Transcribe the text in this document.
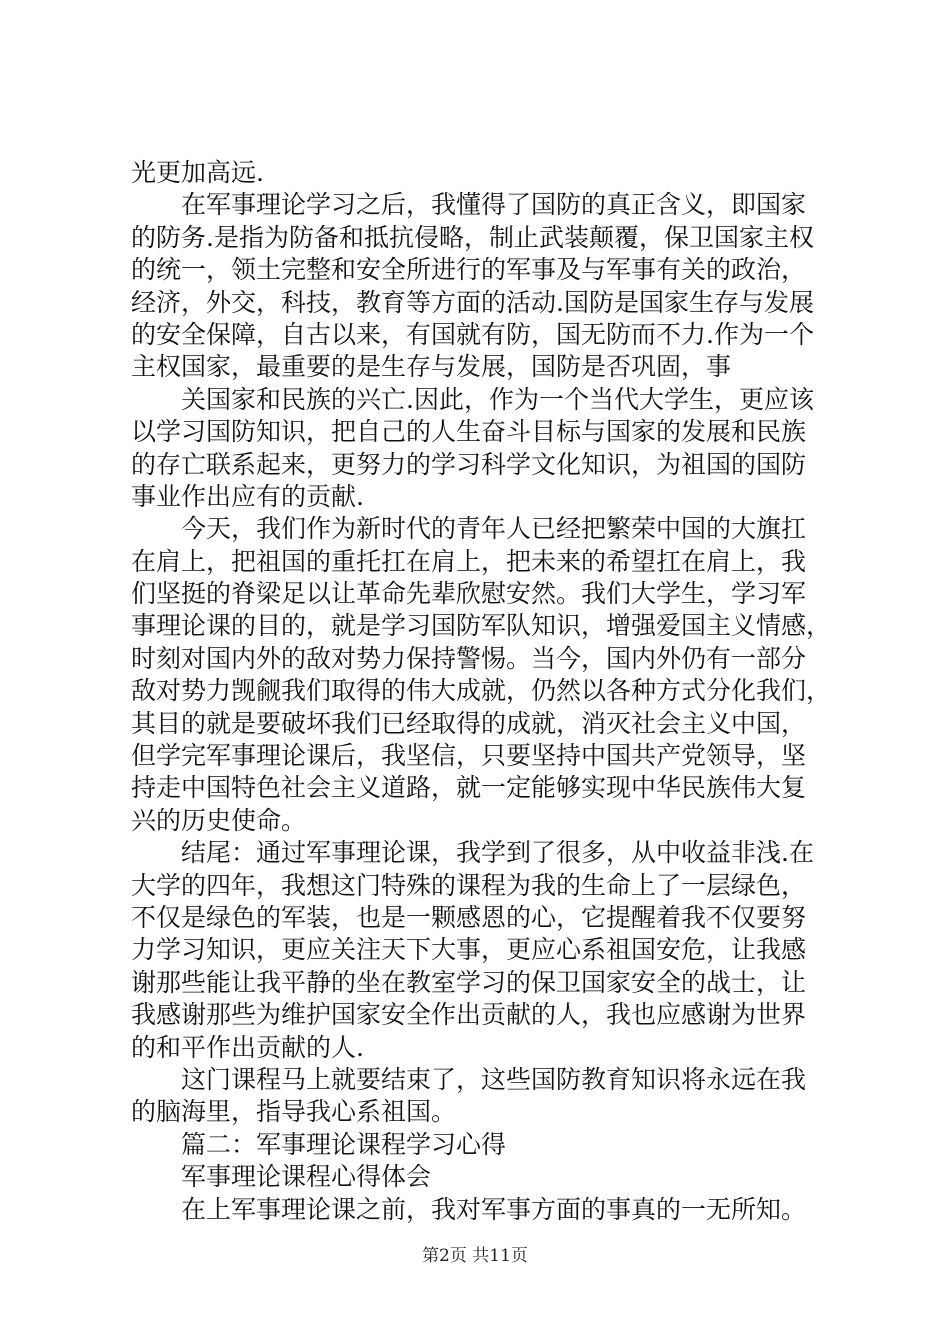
光更加高远.
在军事理论学习之后，我懂得了国防的真正含义，即国家
的防务.是指为防备和抵抗侵略，制止武装颠覆，保卫国家主权
的统一，领土完整和安全所进行的军事及与军事有关的政治，
经济，外交，科技，教育等方面的活动.国防是国家生存与发展
的安全保障，自古以来，有国就有防，国无防而不力.作为一个
主权国家，最重要的是生存与发展，国防是否巩固，事
关国家和民族的兴亡.因此，作为一个当代大学生，更应该
以学习国防知识，把自己的人生奋斗目标与国家的发展和民族
的存亡联系起来，更努力的学习科学文化知识，为祖国的国防
事业作出应有的贡献.
今天，我们作为新时代的青年人已经把繁荣中国的大旗扛
在肩上，把祖国的重托扛在肩上，把未来的希望扛在肩上，我
们坚挺的脊梁足以让革命先辈欣慰安然。我们大学生，学习军
事理论课的目的，就是学习国防军队知识，增强爱国主义情感，
时刻对国内外的敌对势力保持警惕。当今，国内外仍有一部分
敌对势力觊觎我们取得的伟大成就，仍然以各种方式分化我们，
其目的就是要破坏我们已经取得的成就，消灭社会主义中国，
但学完军事理论课后，我坚信，只要坚持中国共产党领导，坚
持走中国特色社会主义道路，就一定能够实现中华民族伟大复
兴的历史使命。
结尾：通过军事理论课，我学到了很多，从中收益非浅.在
大学的四年，我想这门特殊的课程为我的生命上了一层绿色，
不仅是绿色的军装，也是一颗感恩的心，它提醒着我不仅要努
力学习知识，更应关注天下大事，更应心系祖国安危，让我感
谢那些能让我平静的坐在教室学习的保卫国家安全的战士，让
我感谢那些为维护国家安全作出贡献的人，我也应感谢为世界
的和平作出贡献的人.
这门课程马上就要结束了，这些国防教育知识将永远在我
的脑海里，指导我心系祖国。
篇二：军事理论课程学习心得
军事理论课程心得体会
在上军事理论课之前，我对军事方面的事真的一无所知。
第2页 共11页
